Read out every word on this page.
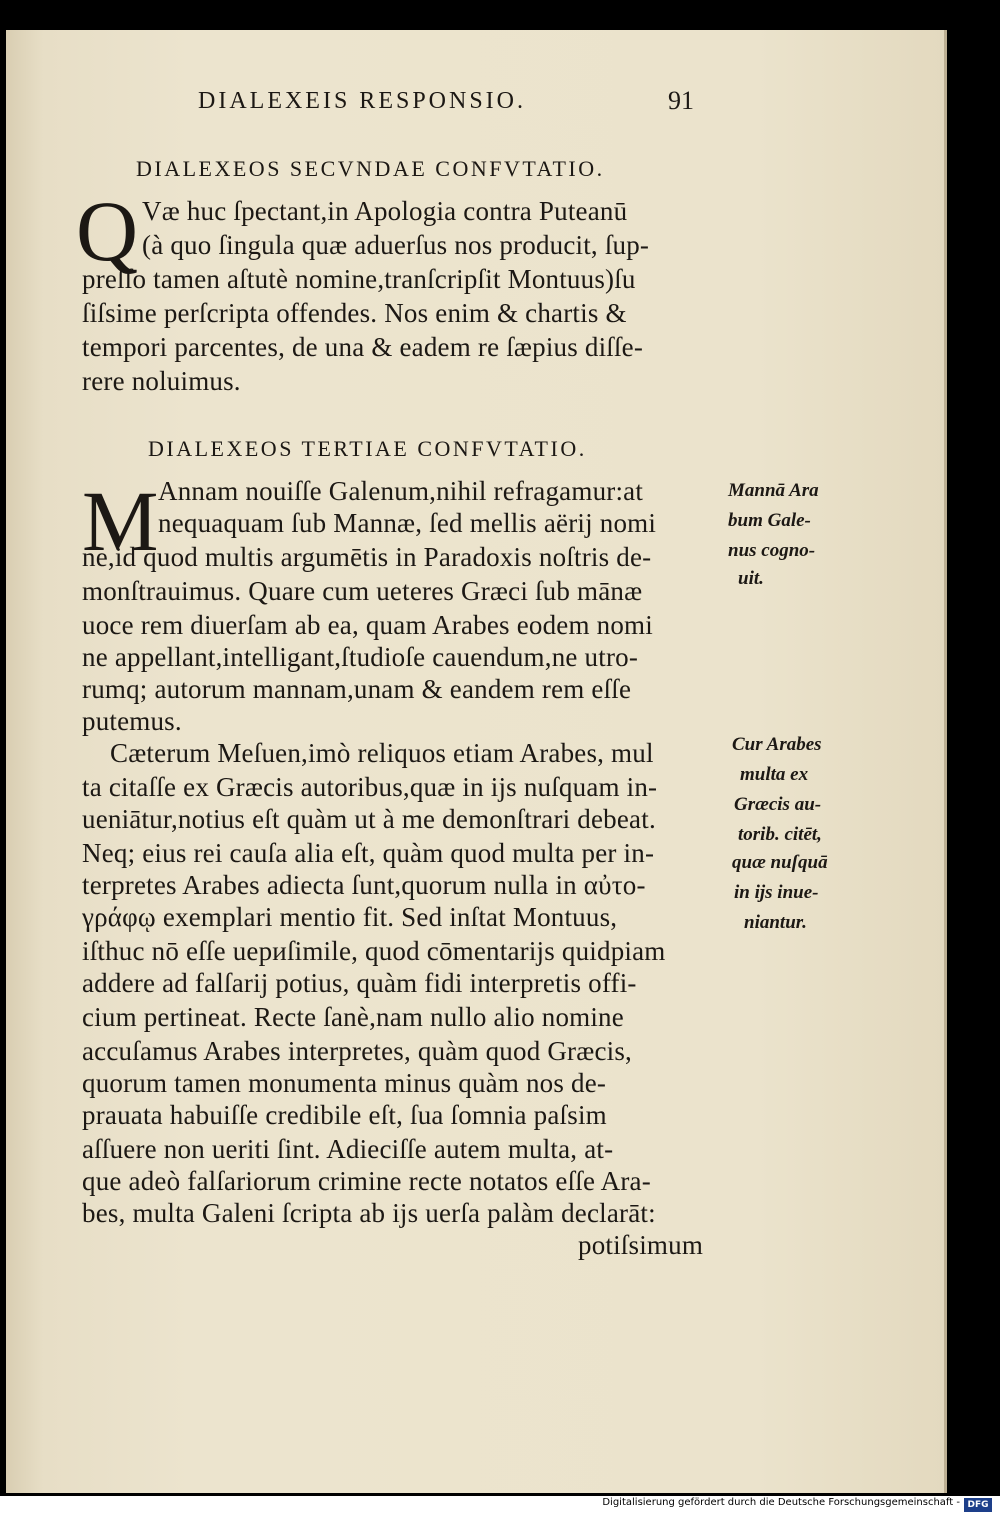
DIALEXEIS RESPONSIO.	91
DIALEXEOS SECVNDAE CONFVTATIO.
Q Væ huc ſpectant,in Apologia contra Puteanū
(à quo ſingula quæ aduerſus nos producit, ſup-
preſſo tamen aſtutè nomine,tranſcripſit Montuus)ſu
ſiſsime perſcripta offendes. Nos enim & chartis &
tempori parcentes, de una & eadem re ſæpius diſſe-
rere noluimus.
DIALEXEOS TERTIAE CONFVTATIO.
M Annam nouiſſe Galenum,nihil refragamur:at
nequaquam ſub Mannæ, ſed mellis aërij nomi
ne,id quod multis argumētis in Paradoxis noſtris de-
monſtrauimus. Quare cum ueteres Græci ſub mānæ
uoce rem diuerſam ab ea, quam Arabes eodem nomi
ne appellant,intelligant,ſtudioſe cauendum,ne utro-
rumq; autorum mannam,unam & eandem rem eſſe
putemus.
Cæterum Meſuen,imò reliquos etiam Arabes, mul
ta citaſſe ex Græcis autoribus,quæ in ijs nuſquam in-
ueniātur,notius eſt quàm ut à me demonſtrari debeat.
Neq; eius rei cauſa alia eſt, quàm quod multa per in-
terpretes Arabes adiecta ſunt,quorum nulla in αὐτο-
γράφῳ exemplari mentio fit. Sed inſtat Montuus,
iſthuc nō eſſe uериſimile, quod cōmentarijs quidpiam
addere ad falſarij potius, quàm fidi interpretis offi-
cium pertineat. Recte ſanè,nam nullo alio nomine
accuſamus Arabes interpretes, quàm quod Græcis,
quorum tamen monumenta minus quàm nos de-
prauata habuiſſe credibile eſt, ſua ſomnia paſsim
aſſuere non ueriti ſint. Adieciſſe autem multa, at-
que adeò falſariorum crimine recte notatos eſſe Ara-
bes, multa Galeni ſcripta ab ijs uerſa palàm declarāt:
potiſsimum
Mannā Ara
bum Gale-
nus cogno-
uit.
Cur Arabes
multa ex
Græcis au-
torib. citēt,
quæ nuſquā
in ijs inue-
niantur.
Digitalisierung gefördert durch die Deutsche Forschungsgemeinschaft - DFG
